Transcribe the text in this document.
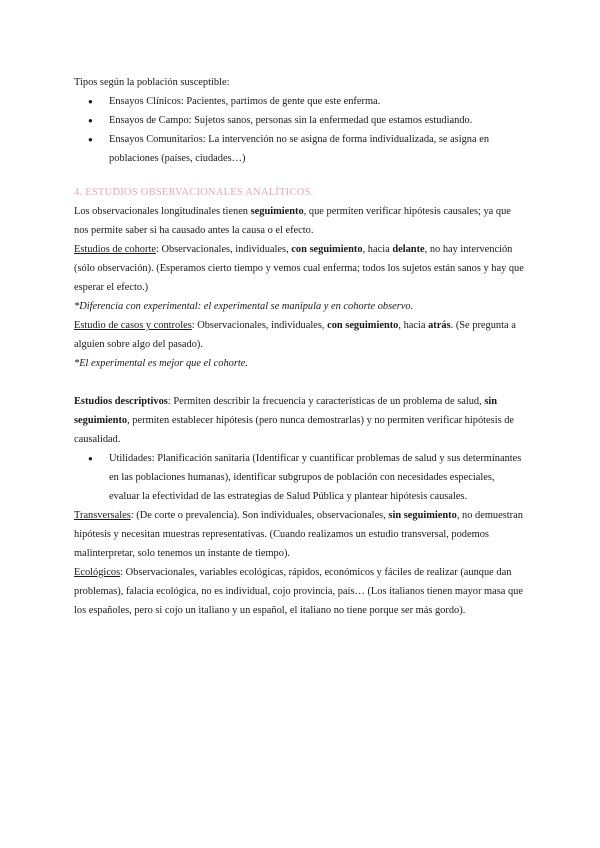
Tipos según la población susceptible:

● Ensayos Clínicos: Pacientes, partimos de gente que este enferma.
● Ensayos de Campo: Sujetos sanos, personas sin la enfermedad que estamos estudiando.
● Ensayos Comunitarios: La intervención no se asigna de forma individualizada, se asigna en poblaciones (países, ciudades…)

4. ESTUDIOS OBSERVACIONALES ANALÍTICOS.

Los observacionales longitudinales tienen seguimiento, que permiten verificar hipótesis causales; ya que nos permite saber si ha causado antes la causa o el efecto.

Estudios de cohorte: Observacionales, individuales, con seguimiento, hacia delante, no hay intervención (sólo observación). (Esperamos cierto tiempo y vemos cual enferma; todos los sujetos están sanos y hay que esperar el efecto.)

*Diferencia con experimental: el experimental se manipula y en cohorte observo.

Estudio de casos y controles: Observacionales, individuales, con seguimiento, hacia atrás. (Se pregunta a alguien sobre algo del pasado).

*El experimental es mejor que el cohorte.

Estudios descriptivos: Permiten describir la frecuencia y características de un problema de salud, sin seguimiento, permiten establecer hipótesis (pero nunca demostrarlas) y no permiten verificar hipótesis de causalidad.

● Utilidades: Planificación sanitaria (Identificar y cuantificar problemas de salud y sus determinantes en las poblaciones humanas), identificar subgrupos de población con necesidades especiales, evaluar la efectividad de las estrategias de Salud Pública y plantear hipótesis causales.

Transversales: (De corte o prevalencia). Son individuales, observacionales, sin seguimiento, no demuestran hipótesis y necesitan muestras representativas. (Cuando realizamos un estudio transversal, podemos malinterpretar, solo tenemos un instante de tiempo).

Ecológicos: Observacionales, variables ecológicas, rápidos, económicos y fáciles de realizar (aunque dan problemas), falacia ecológica, no es individual, cojo provincia, país… (Los italianos tienen mayor masa que los españoles, pero si cojo un italiano y un español, el italiano no tiene porque ser más gordo).
